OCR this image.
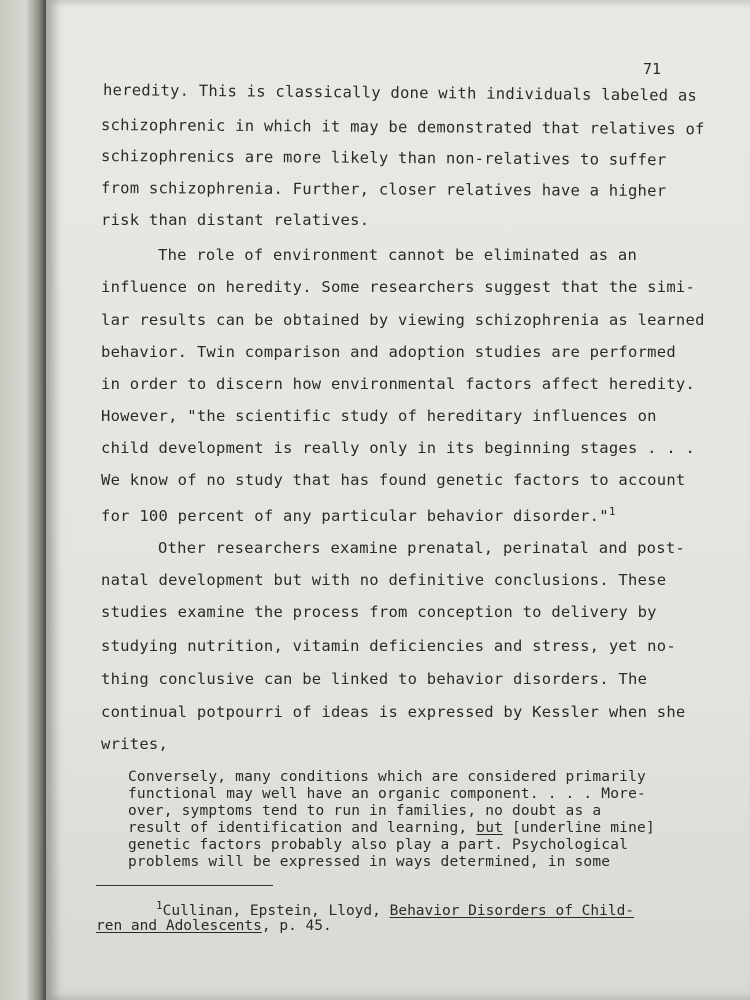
71
heredity. This is classically done with individuals labeled as
schizophrenic in which it may be demonstrated that relatives of
schizophrenics are more likely than non-relatives to suffer
from schizophrenia. Further, closer relatives have a higher
risk than distant relatives.
The role of environment cannot be eliminated as an
influence on heredity. Some researchers suggest that the simi-
lar results can be obtained by viewing schizophrenia as learned
behavior. Twin comparison and adoption studies are performed
in order to discern how environmental factors affect heredity.
However, "the scientific study of hereditary influences on
child development is really only in its beginning stages . . .
We know of no study that has found genetic factors to account
for 100 percent of any particular behavior disorder."$^1$
Other researchers examine prenatal, perinatal and post-
natal development but with no definitive conclusions. These
studies examine the process from conception to delivery by
studying nutrition, vitamin deficiencies and stress, yet no-
thing conclusive can be linked to behavior disorders. The
continual potpourri of ideas is expressed by Kessler when she
writes,
Conversely, many conditions which are considered primarily
functional may well have an organic component. . . . More-
over, symptoms tend to run in families, no doubt as a
result of identification and learning, but [underline mine]
genetic factors probably also play a part. Psychological
problems will be expressed in ways determined, in some
$^1$Cullinan, Epstein, Lloyd, Behavior Disorders of Child-
ren and Adolescents, p. 45.
